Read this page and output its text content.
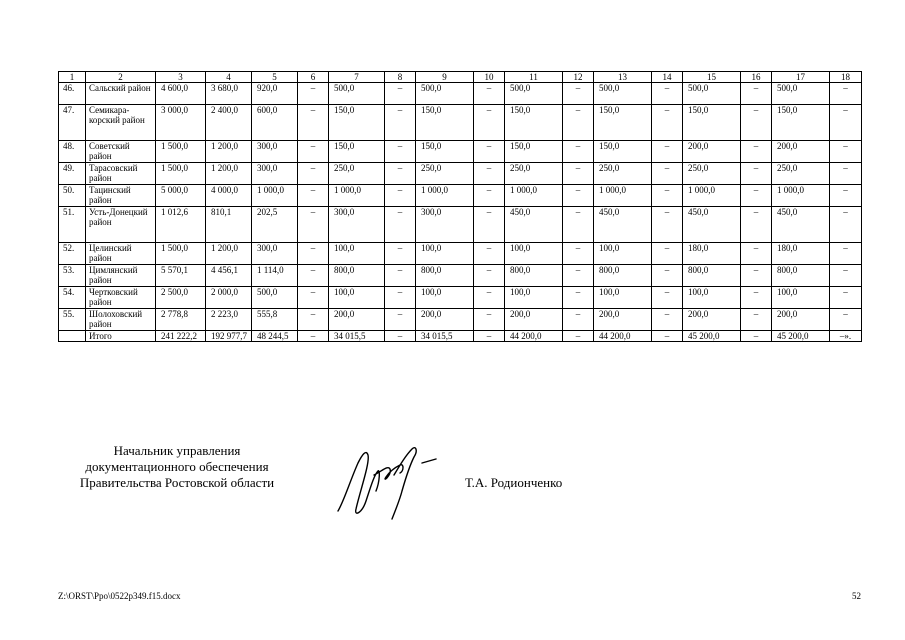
1	2	3	4	5	6	7	8	9	10	11	12	13	14	15	16	17	18
46.	Сальский район	4 600,0	3 680,0	920,0	–	500,0	–	500,0	–	500,0	–	500,0	–	500,0	–	500,0	–
47.	Семикара-корский район	3 000,0	2 400,0	600,0	–	150,0	–	150,0	–	150,0	–	150,0	–	150,0	–	150,0	–
48.	Советский район	1 500,0	1 200,0	300,0	–	150,0	–	150,0	–	150,0	–	150,0	–	200,0	–	200,0	–
49.	Тарасовский район	1 500,0	1 200,0	300,0	–	250,0	–	250,0	–	250,0	–	250,0	–	250,0	–	250,0	–
50.	Тацинский район	5 000,0	4 000,0	1 000,0	–	1 000,0	–	1 000,0	–	1 000,0	–	1 000,0	–	1 000,0	–	1 000,0	–
51.	Усть-Донецкий район	1 012,6	810,1	202,5	–	300,0	–	300,0	–	450,0	–	450,0	–	450,0	–	450,0	–
52.	Целинский район	1 500,0	1 200,0	300,0	–	100,0	–	100,0	–	100,0	–	100,0	–	180,0	–	180,0	–
53.	Цимлянский район	5 570,1	4 456,1	1 114,0	–	800,0	–	800,0	–	800,0	–	800,0	–	800,0	–	800,0	–
54.	Чертковский район	2 500,0	2 000,0	500,0	–	100,0	–	100,0	–	100,0	–	100,0	–	100,0	–	100,0	–
55.	Шолоховский район	2 778,8	2 223,0	555,8	–	200,0	–	200,0	–	200,0	–	200,0	–	200,0	–	200,0	–
	Итого	241 222,2	192 977,7	48 244,5	–	34 015,5	–	34 015,5	–	44 200,0	–	44 200,0	–	45 200,0	–	45 200,0	–».
Начальник управления
документационного обеспечения
Правительства Ростовской области	Т.А. Родионченко
Z:\ORST\Ppo\0522p349.f15.docx	52
